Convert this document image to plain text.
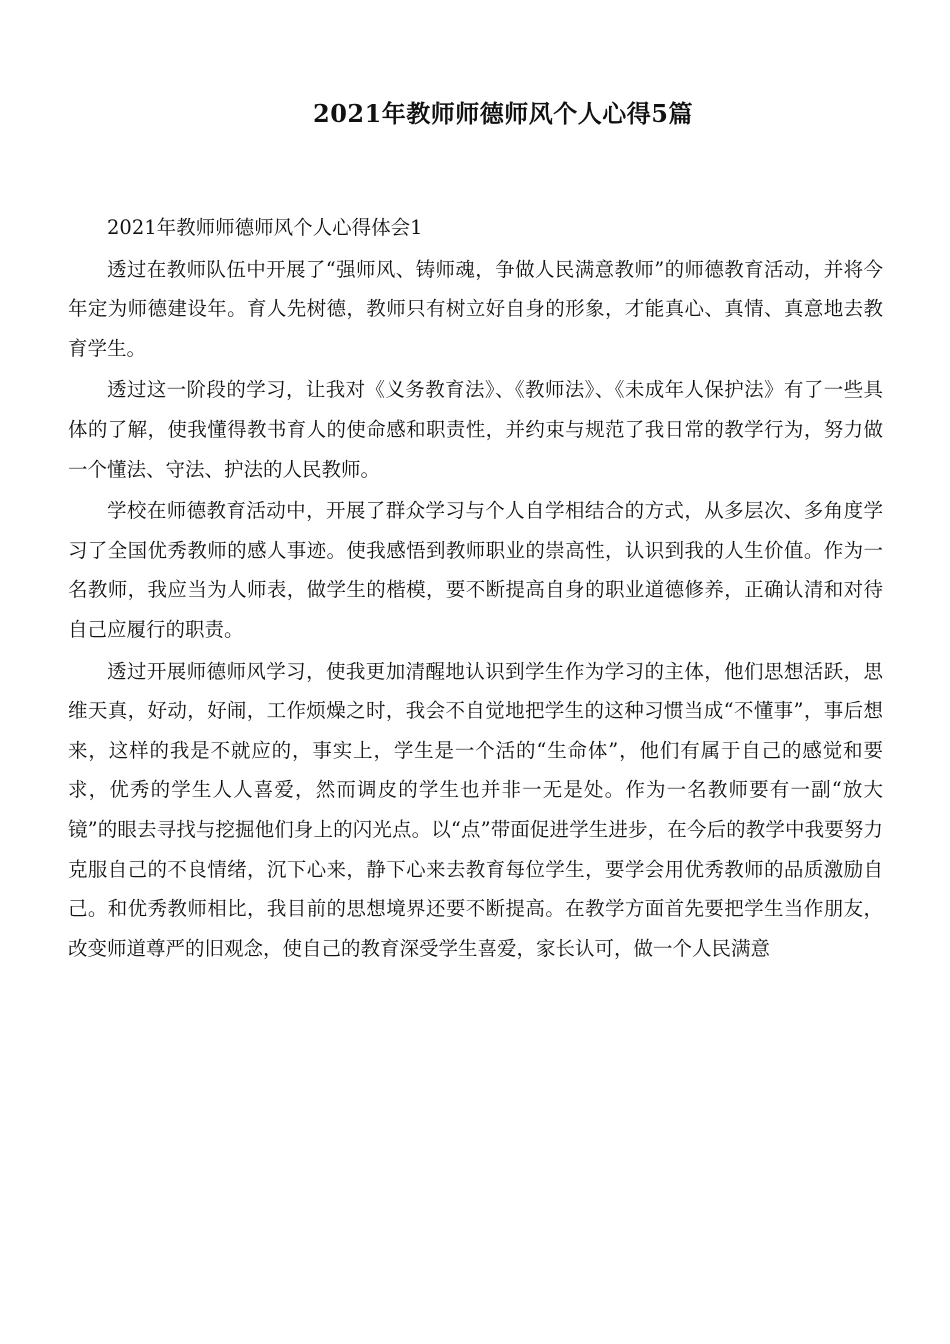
2021年教师师德师风个人心得5篇

2021年教师师德师风个人心得体会1

透过在教师队伍中开展了“强师风、铸师魂，争做人民满意教师”的师德教育活动，并将今年定为师德建设年。育人先树德，教师只有树立好自身的形象，才能真心、真情、真意地去教育学生。

透过这一阶段的学习，让我对《义务教育法》、《教师法》、《未成年人保护法》有了一些具体的了解，使我懂得教书育人的使命感和职责性，并约束与规范了我日常的教学行为，努力做一个懂法、守法、护法的人民教师。

学校在师德教育活动中，开展了群众学习与个人自学相结合的方式，从多层次、多角度学习了全国优秀教师的感人事迹。使我感悟到教师职业的崇高性，认识到我的人生价值。作为一名教师，我应当为人师表，做学生的楷模，要不断提高自身的职业道德修养，正确认清和对待自己应履行的职责。

透过开展师德师风学习，使我更加清醒地认识到学生作为学习的主体，他们思想活跃，思维天真，好动，好闹，工作烦燥之时，我会不自觉地把学生的这种习惯当成“不懂事”，事后想来，这样的我是不就应的，事实上，学生是一个活的“生命体”，他们有属于自己的感觉和要求，优秀的学生人人喜爱，然而调皮的学生也并非一无是处。作为一名教师要有一副“放大镜”的眼去寻找与挖掘他们身上的闪光点。以“点”带面促进学生进步，在今后的教学中我要努力克服自己的不良情绪，沉下心来，静下心来去教育每位学生，要学会用优秀教师的品质激励自己。和优秀教师相比，我目前的思想境界还要不断提高。在教学方面首先要把学生当作朋友，改变师道尊严的旧观念，使自己的教育深受学生喜爱，家长认可，做一个人民满意
